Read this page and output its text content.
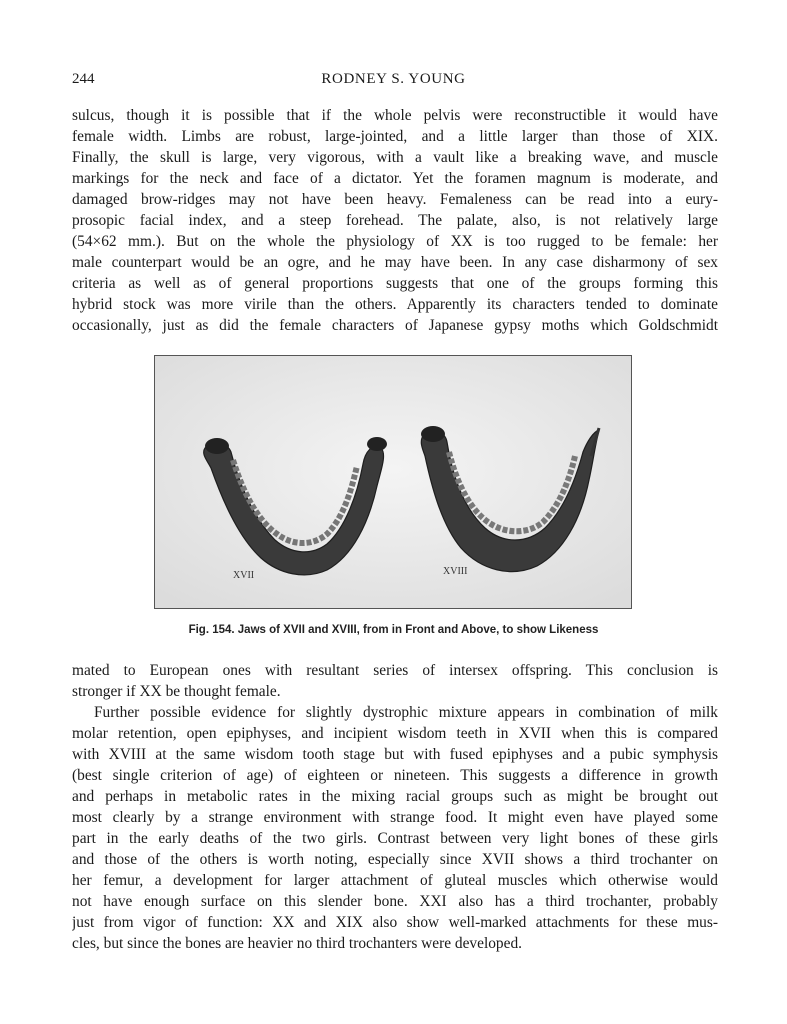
244	RODNEY S. YOUNG
sulcus, though it is possible that if the whole pelvis were reconstructible it would have
female width. Limbs are robust, large-jointed, and a little larger than those of XIX.
Finally, the skull is large, very vigorous, with a vault like a breaking wave, and muscle
markings for the neck and face of a dictator. Yet the foramen magnum is moderate, and
damaged brow-ridges may not have been heavy. Femaleness can be read into a eury-
prosopic facial index, and a steep forehead. The palate, also, is not relatively large
(54×62 mm.). But on the whole the physiology of XX is too rugged to be female: her
male counterpart would be an ogre, and he may have been. In any case disharmony of sex
criteria as well as of general proportions suggests that one of the groups forming this
hybrid stock was more virile than the others. Apparently its characters tended to dominate
occasionally, just as did the female characters of Japanese gypsy moths which Goldschmidt
XVII	XVIII
Fig. 154. Jaws of XVII and XVIII, from in Front and Above, to show Likeness
mated to European ones with resultant series of intersex offspring. This conclusion is
stronger if XX be thought female.
Further possible evidence for slightly dystrophic mixture appears in combination of milk
molar retention, open epiphyses, and incipient wisdom teeth in XVII when this is compared
with XVIII at the same wisdom tooth stage but with fused epiphyses and a pubic symphysis
(best single criterion of age) of eighteen or nineteen. This suggests a difference in growth
and perhaps in metabolic rates in the mixing racial groups such as might be brought out
most clearly by a strange environment with strange food. It might even have played some
part in the early deaths of the two girls. Contrast between very light bones of these girls
and those of the others is worth noting, especially since XVII shows a third trochanter on
her femur, a development for larger attachment of gluteal muscles which otherwise would
not have enough surface on this slender bone. XXI also has a third trochanter, probably
just from vigor of function: XX and XIX also show well-marked attachments for these mus-
cles, but since the bones are heavier no third trochanters were developed.
